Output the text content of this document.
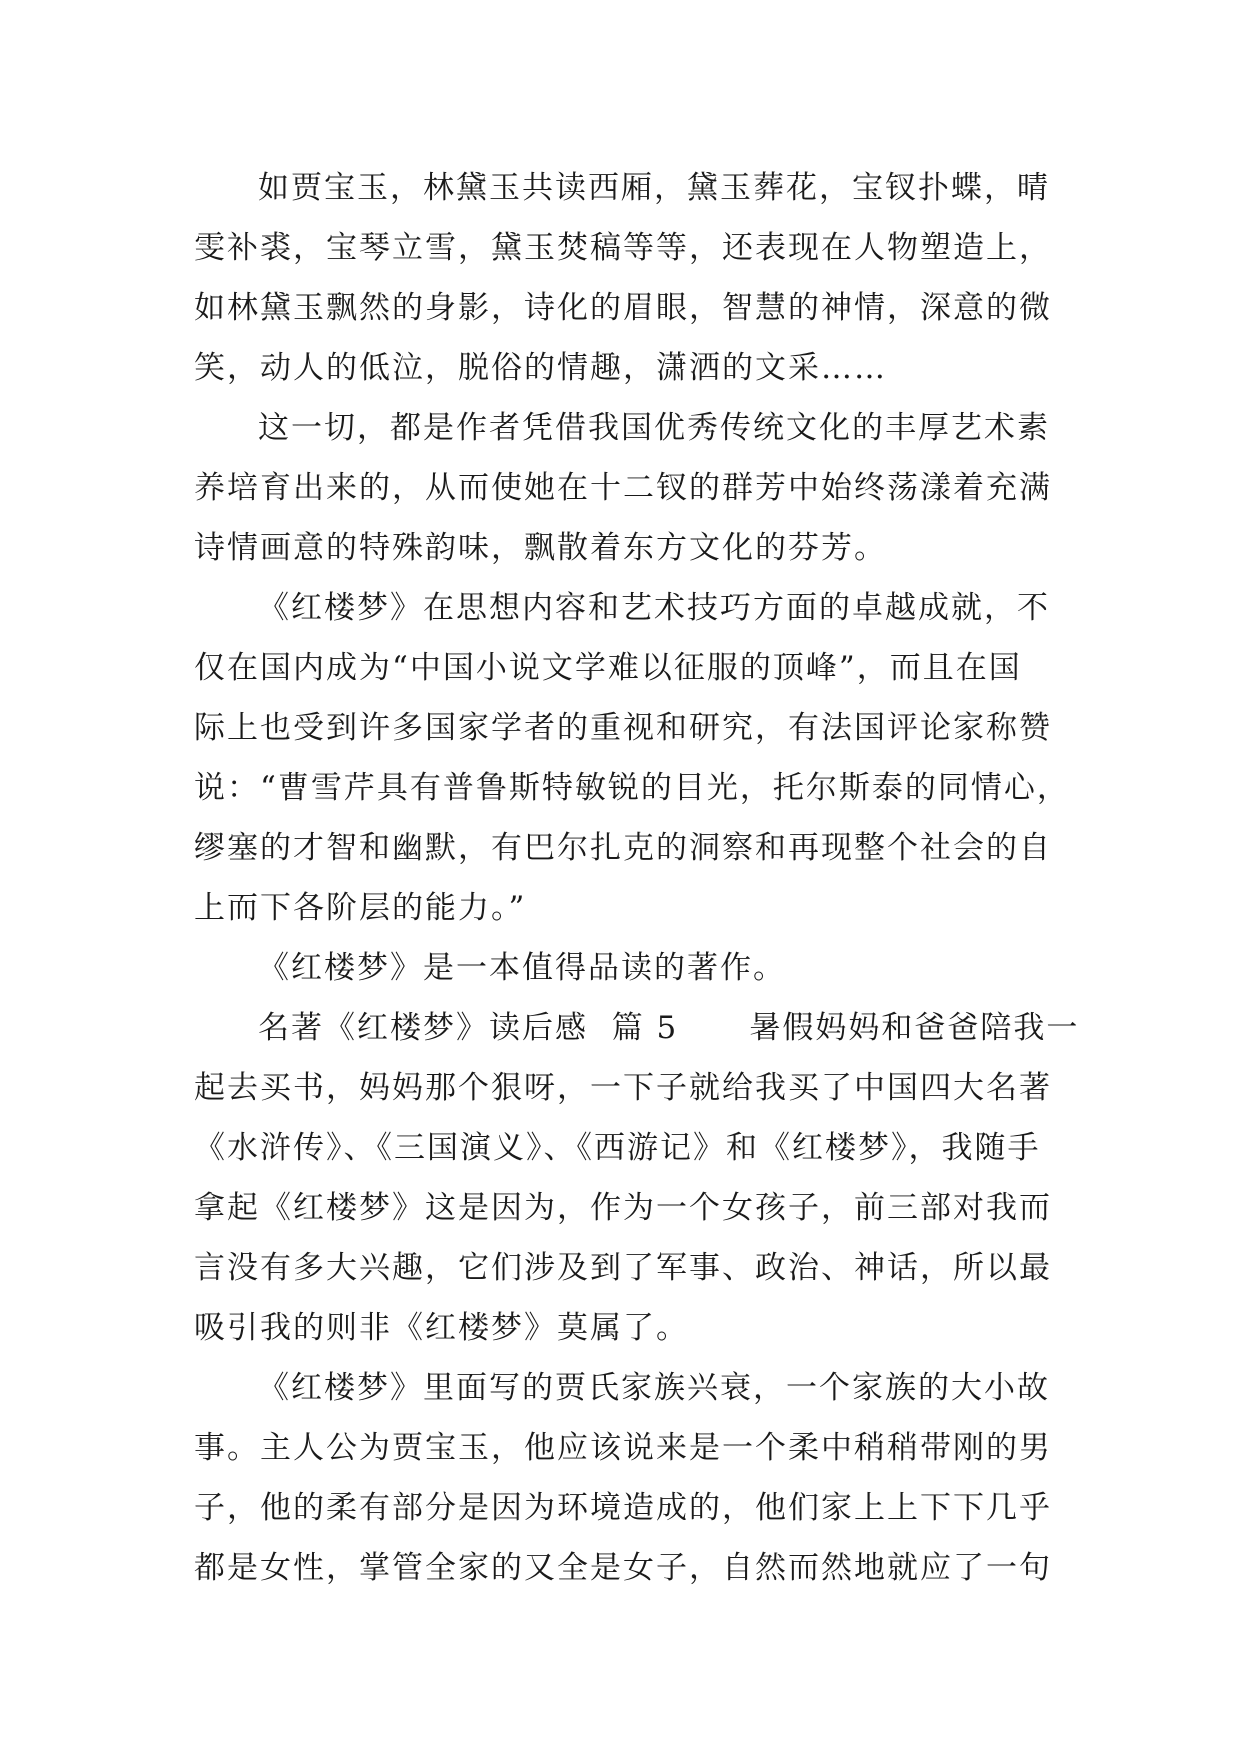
如贾宝玉，林黛玉共读西厢，黛玉葬花，宝钗扑蝶，晴
雯补裘，宝琴立雪，黛玉焚稿等等，还表现在人物塑造上，
如林黛玉飘然的身影，诗化的眉眼，智慧的神情，深意的微
笑，动人的低泣，脱俗的情趣，潇洒的文采……

这一切，都是作者凭借我国优秀传统文化的丰厚艺术素
养培育出来的，从而使她在十二钗的群芳中始终荡漾着充满
诗情画意的特殊韵味，飘散着东方文化的芬芳。

《红楼梦》在思想内容和艺术技巧方面的卓越成就，不
仅在国内成为“中国小说文学难以征服的顶峰”，而且在国
际上也受到许多国家学者的重视和研究，有法国评论家称赞
说：“曹雪芹具有普鲁斯特敏锐的目光，托尔斯泰的同情心，
缪塞的才智和幽默，有巴尔扎克的洞察和再现整个社会的自
上而下各阶层的能力。”

《红楼梦》是一本值得品读的著作。

名著《红楼梦》读后感  篇 5      暑假妈妈和爸爸陪我一
起去买书，妈妈那个狠呀，一下子就给我买了中国四大名著
《水浒传》、《三国演义》、《西游记》和《红楼梦》，我随手
拿起《红楼梦》这是因为，作为一个女孩子，前三部对我而
言没有多大兴趣，它们涉及到了军事、政治、神话，所以最
吸引我的则非《红楼梦》莫属了。

《红楼梦》里面写的贾氏家族兴衰，一个家族的大小故
事。主人公为贾宝玉，他应该说来是一个柔中稍稍带刚的男
子，他的柔有部分是因为环境造成的，他们家上上下下几乎
都是女性，掌管全家的又全是女子，自然而然地就应了一句
